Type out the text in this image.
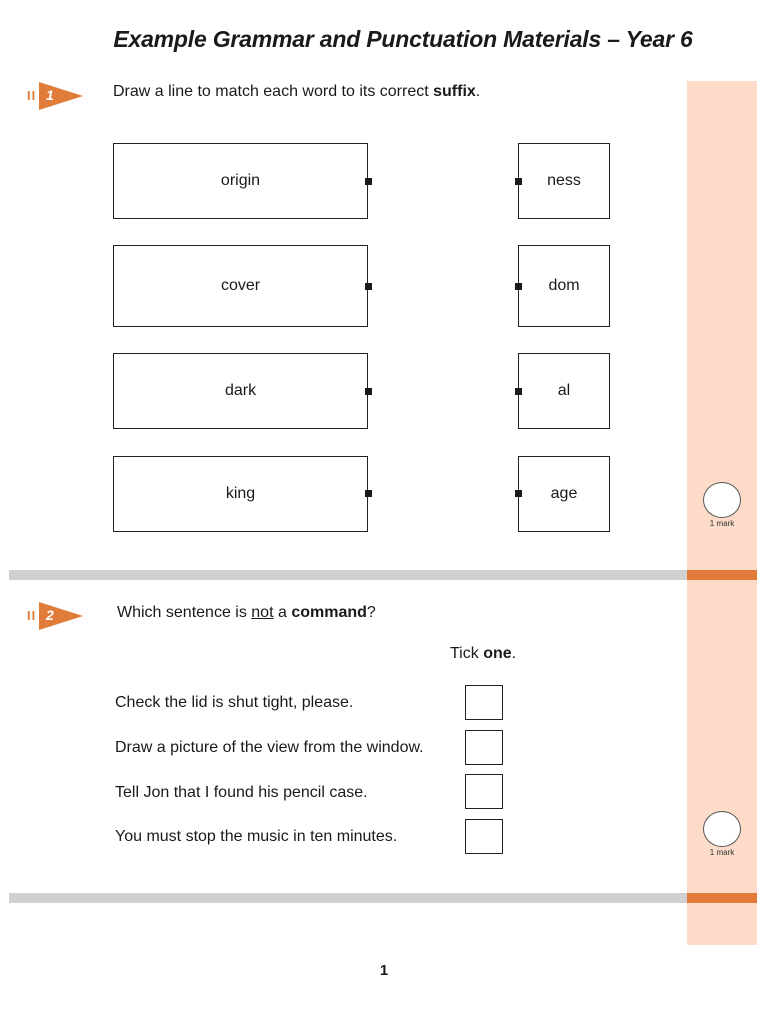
Example Grammar and Punctuation Materials – Year 6
II 1	Draw a line to match each word to its correct suffix.
origin
cover
dark
king
ness
dom
al
age
1 mark
II 2	Which sentence is not a command?
Tick one.
Check the lid is shut tight, please.
Draw a picture of the view from the window.
Tell Jon that I found his pencil case.
You must stop the music in ten minutes.
1 mark
1
